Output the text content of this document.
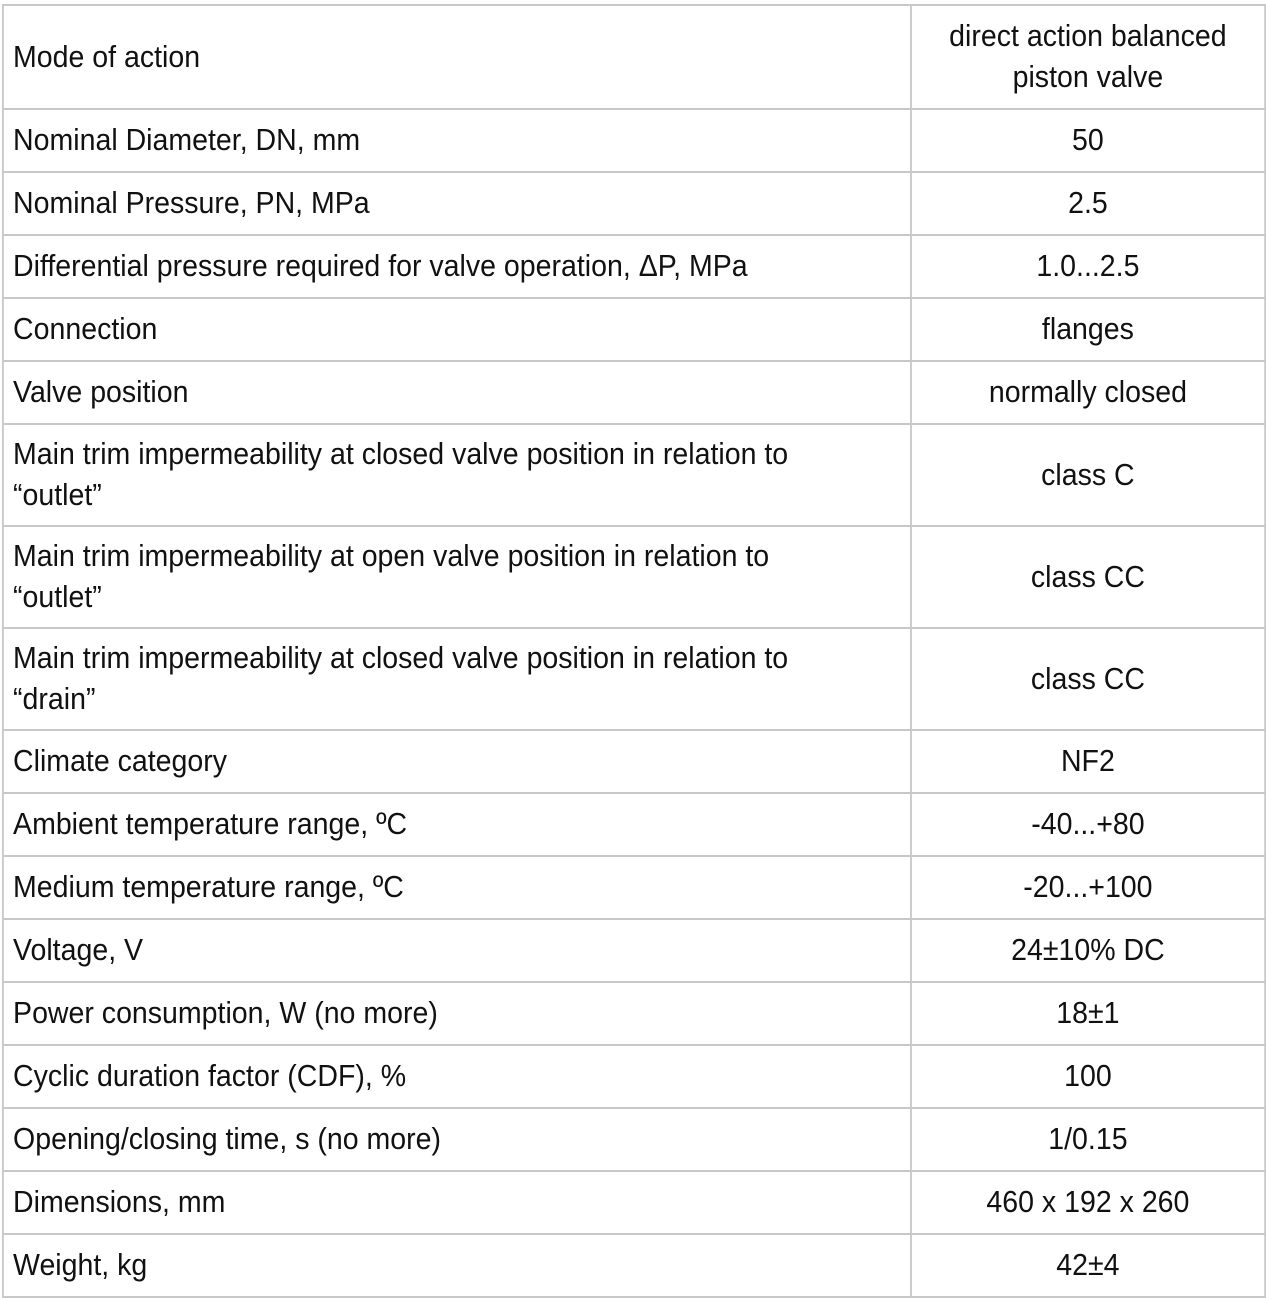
Mode of action	direct action balanced piston valve
Nominal Diameter, DN, mm	50
Nominal Pressure, PN, MPa	2.5
Differential pressure required for valve operation, ΔP, MPa	1.0...2.5
Connection	flanges
Valve position	normally closed
Main trim impermeability at closed valve position in relation to “outlet”	class C
Main trim impermeability at open valve position in relation to “outlet”	class CC
Main trim impermeability at closed valve position in relation to “drain”	class CC
Climate category	NF2
Ambient temperature range, ºC	-40...+80
Medium temperature range, ºC	-20...+100
Voltage, V	24±10% DC
Power consumption, W (no more)	18±1
Cyclic duration factor (CDF), %	100
Opening/closing time, s (no more)	1/0.15
Dimensions, mm	460 x 192 x 260
Weight, kg	42±4
